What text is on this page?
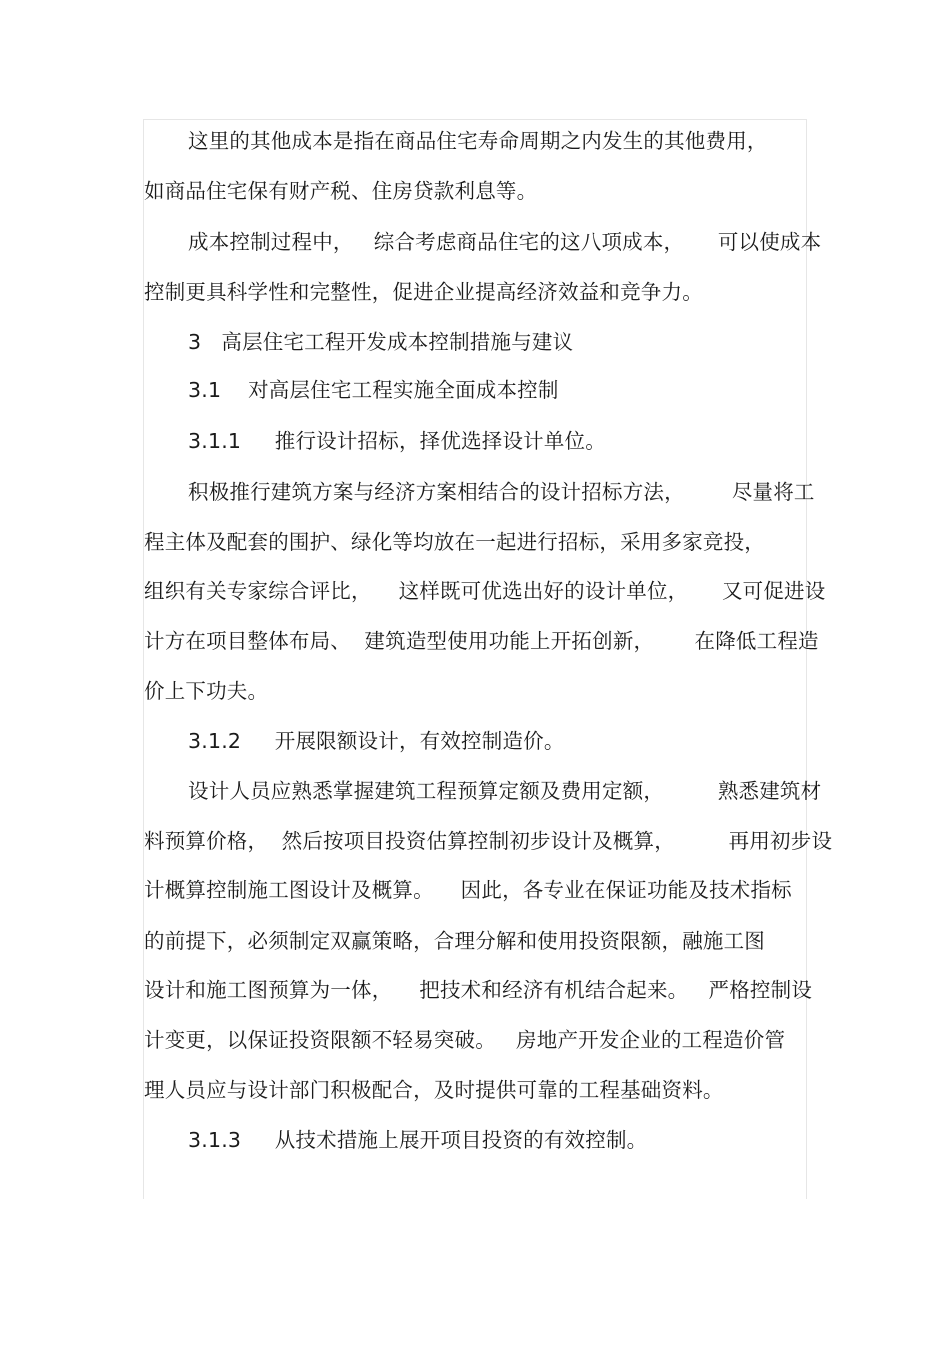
这里的其他成本是指在商品住宅寿命周期之内发生的其他费用，
如商品住宅保有财产税、住房贷款利息等。
成本控制过程中，   综合考虑商品住宅的这八项成本，     可以使成本
控制更具科学性和完整性，促进企业提高经济效益和竞争力。
3   高层住宅工程开发成本控制措施与建议
3.1    对高层住宅工程实施全面成本控制
3.1.1     推行设计招标，择优选择设计单位。
积极推行建筑方案与经济方案相结合的设计招标方法，       尽量将工
程主体及配套的围护、绿化等均放在一起进行招标，采用多家竞投，
组织有关专家综合评比，    这样既可优选出好的设计单位，     又可促进设
计方在项目整体布局、  建筑造型使用功能上开拓创新，      在降低工程造
价上下功夫。
3.1.2     开展限额设计，有效控制造价。
设计人员应熟悉掌握建筑工程预算定额及费用定额，        熟悉建筑材
料预算价格，  然后按项目投资估算控制初步设计及概算，        再用初步设
计概算控制施工图设计及概算。    因此，各专业在保证功能及技术指标
的前提下，必须制定双赢策略，合理分解和使用投资限额，融施工图
设计和施工图预算为一体，    把技术和经济有机结合起来。   严格控制设
计变更，以保证投资限额不轻易突破。   房地产开发企业的工程造价管
理人员应与设计部门积极配合，及时提供可靠的工程基础资料。
3.1.3     从技术措施上展开项目投资的有效控制。
